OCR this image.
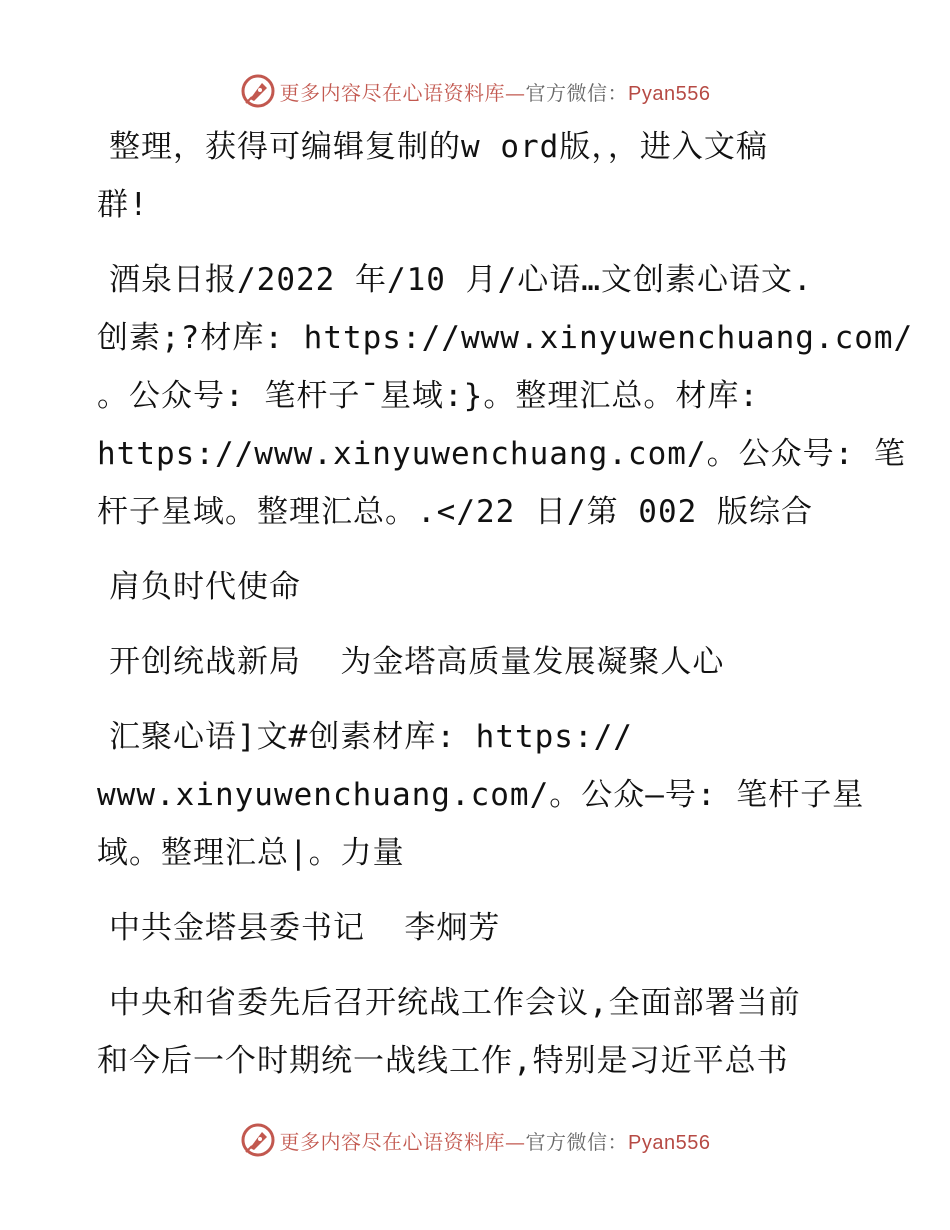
更多内容尽在心语资料库—官方微信：Pyan556

整理，获得可编辑复制的w ord版，，进入文稿
群!

酒泉日报/2022 年/10 月/心语…文创素心语文.
创素;?材库: https://www.xinyuwenchuang.com/
。公众号: 笔杆子¯星域:}。整理汇总。材库:
https://www.xinyuwenchuang.com/。公众号: 笔
杆子星域。整理汇总。.</22 日/第 002 版综合

肩负时代使命

开创统战新局  为金塔高质量发展凝聚人心

汇聚心语]文#创素材库: https://
www.xinyuwenchuang.com/。公众—号: 笔杆子星
域。整理汇总|。力量

中共金塔县委书记  李炯芳

中央和省委先后召开统战工作会议,全面部署当前
和今后一个时期统一战线工作,特别是习近平总书

更多内容尽在心语资料库—官方微信：Pyan556
